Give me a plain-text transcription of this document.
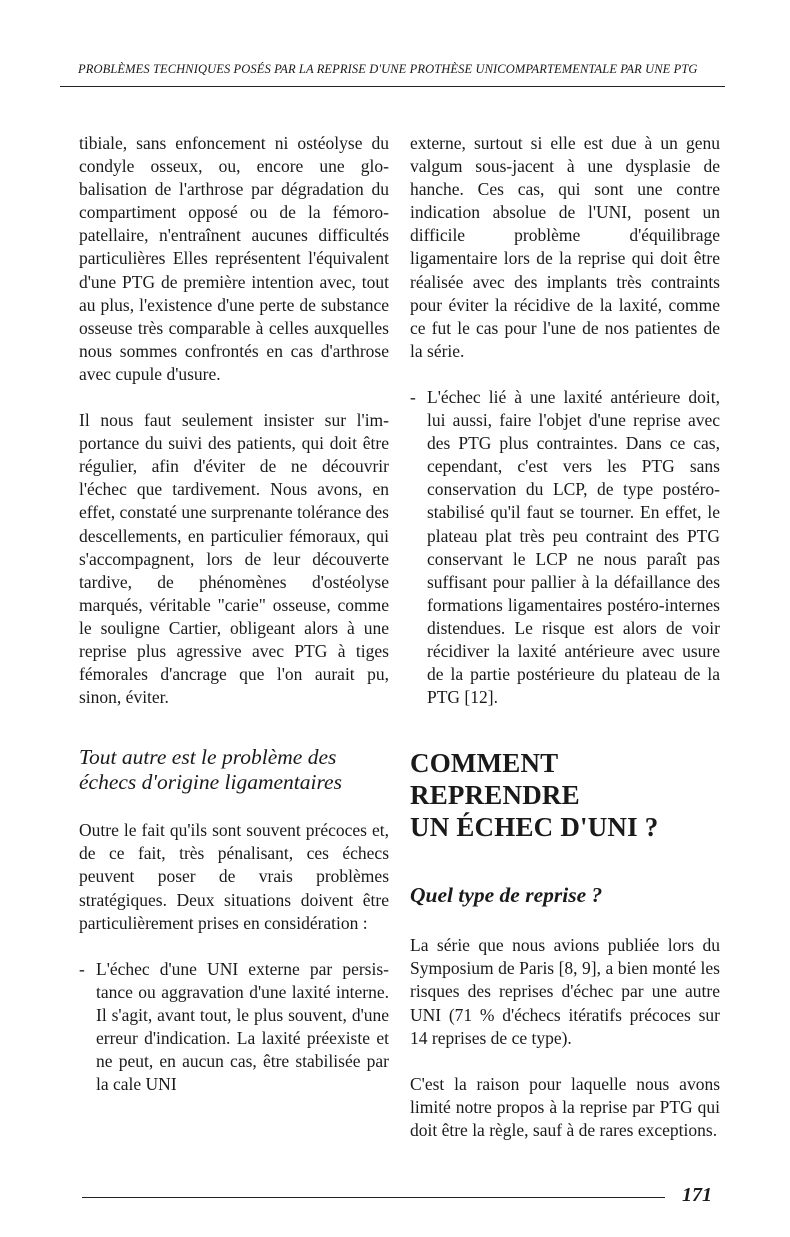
PROBLÈMES TECHNIQUES POSÉS PAR LA REPRISE D'UNE PROTHÈSE UNICOMPARTEMENTALE PAR UNE PTG

tibiale, sans enfoncement ni ostéolyse du condyle osseux, ou, encore une globalisation de l'arthrose par dégradation du compartiment opposé ou de la fémoro-patellaire, n'entraînent aucunes difficultés particulières Elles représentent l'équivalent d'une PTG de première intention avec, tout au plus, l'existence d'une perte de substance osseuse très comparable à celles auxquelles nous sommes confrontés en cas d'arthrose avec cupule d'usure.

Il nous faut seulement insister sur l'importance du suivi des patients, qui doit être régulier, afin d'éviter de ne découvrir l'échec que tardivement. Nous avons, en effet, constaté une surprenante tolérance des descellements, en particulier fémoraux, qui s'accompagnent, lors de leur découverte tardive, de phénomènes d'ostéolyse marqués, véritable "carie" osseuse, comme le souligne Cartier, obligeant alors à une reprise plus agressive avec PTG à tiges fémorales d'ancrage que l'on aurait pu, sinon, éviter.

Tout autre est le problème des échecs d'origine ligamentaires

Outre le fait qu'ils sont souvent précoces et, de ce fait, très pénalisant, ces échecs peuvent poser de vrais problèmes stratégiques. Deux situations doivent être particulièrement prises en considération :

- L'échec d'une UNI externe par persistance ou aggravation d'une laxité interne. Il s'agit, avant tout, le plus souvent, d'une erreur d'indication. La laxité préexiste et ne peut, en aucun cas, être stabilisée par la cale UNI

externe, surtout si elle est due à un genu valgum sous-jacent à une dysplasie de hanche. Ces cas, qui sont une contre indication absolue de l'UNI, posent un difficile problème d'équilibrage ligamentaire lors de la reprise qui doit être réalisée avec des implants très contraints pour éviter la récidive de la laxité, comme ce fut le cas pour l'une de nos patientes de la série.

- L'échec lié à une laxité antérieure doit, lui aussi, faire l'objet d'une reprise avec des PTG plus contraintes. Dans ce cas, cependant, c'est vers les PTG sans conservation du LCP, de type postéro-stabilisé qu'il faut se tourner. En effet, le plateau plat très peu contraint des PTG conservant le LCP ne nous paraît pas suffisant pour pallier à la défaillance des formations ligamentaires postéro-internes distendues. Le risque est alors de voir récidiver la laxité antérieure avec usure de la partie postérieure du plateau de la PTG [12].

COMMENT REPRENDRE
UN ÉCHEC D'UNI ?
Quel type de reprise ?

La série que nous avions publiée lors du Symposium de Paris [8, 9], a bien monté les risques des reprises d'échec par une autre UNI (71 % d'échecs itératifs précoces sur 14 reprises de ce type).

C'est la raison pour laquelle nous avons limité notre propos à la reprise par PTG qui doit être la règle, sauf à de rares exceptions.

171
